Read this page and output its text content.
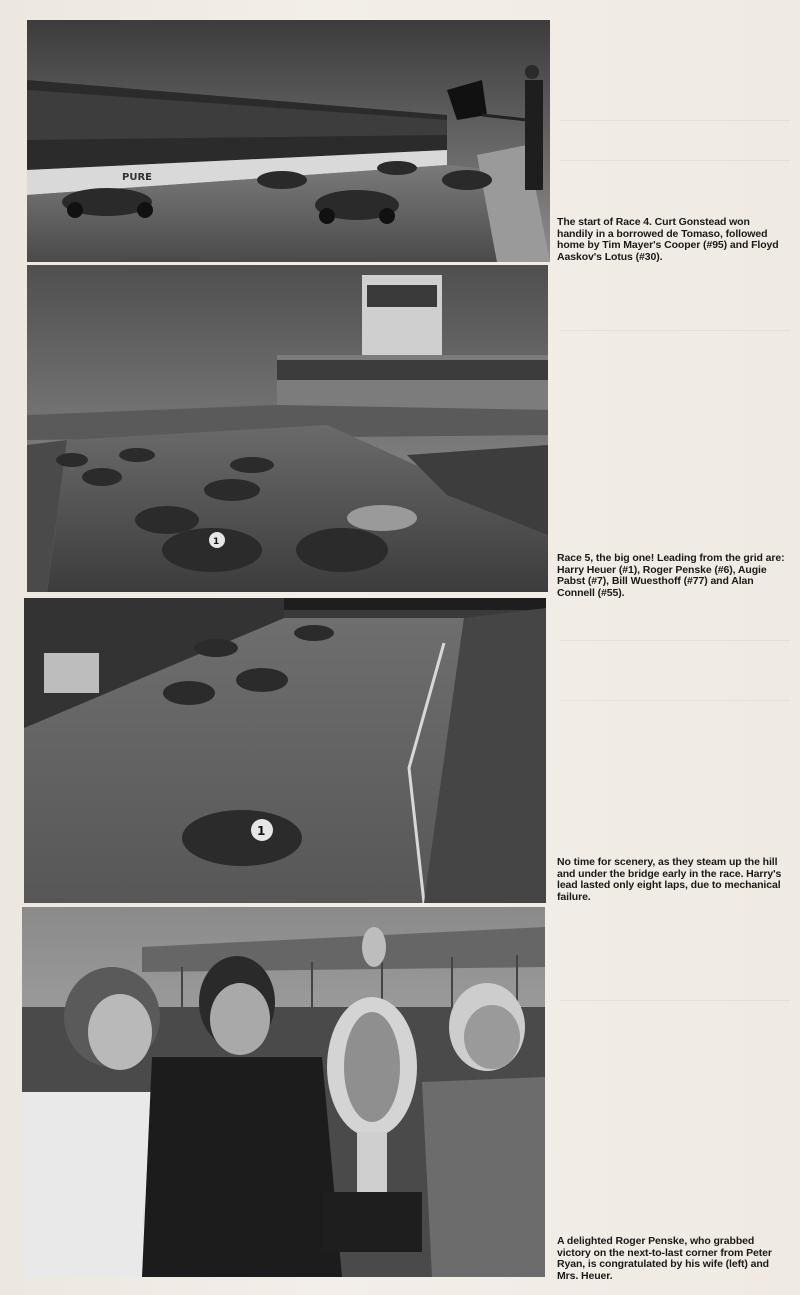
PURE
1
1
The start of Race 4. Curt Gonstead won handily in a borrowed de Tomaso, followed home by Tim Mayer's Cooper (#95) and Floyd Aaskov's Lotus (#30).
Race 5, the big one! Leading from the grid are: Harry Heuer (#1), Roger Penske (#6), Augie Pabst (#7), Bill Wuesthoff (#77) and Alan Connell (#55).
No time for scenery, as they steam up the hill and under the bridge early in the race. Harry's lead lasted only eight laps, due to mechanical failure.
A delighted Roger Penske, who grabbed victory on the next-to-last corner from Peter Ryan, is congratulated by his wife (left) and Mrs. Heuer.
